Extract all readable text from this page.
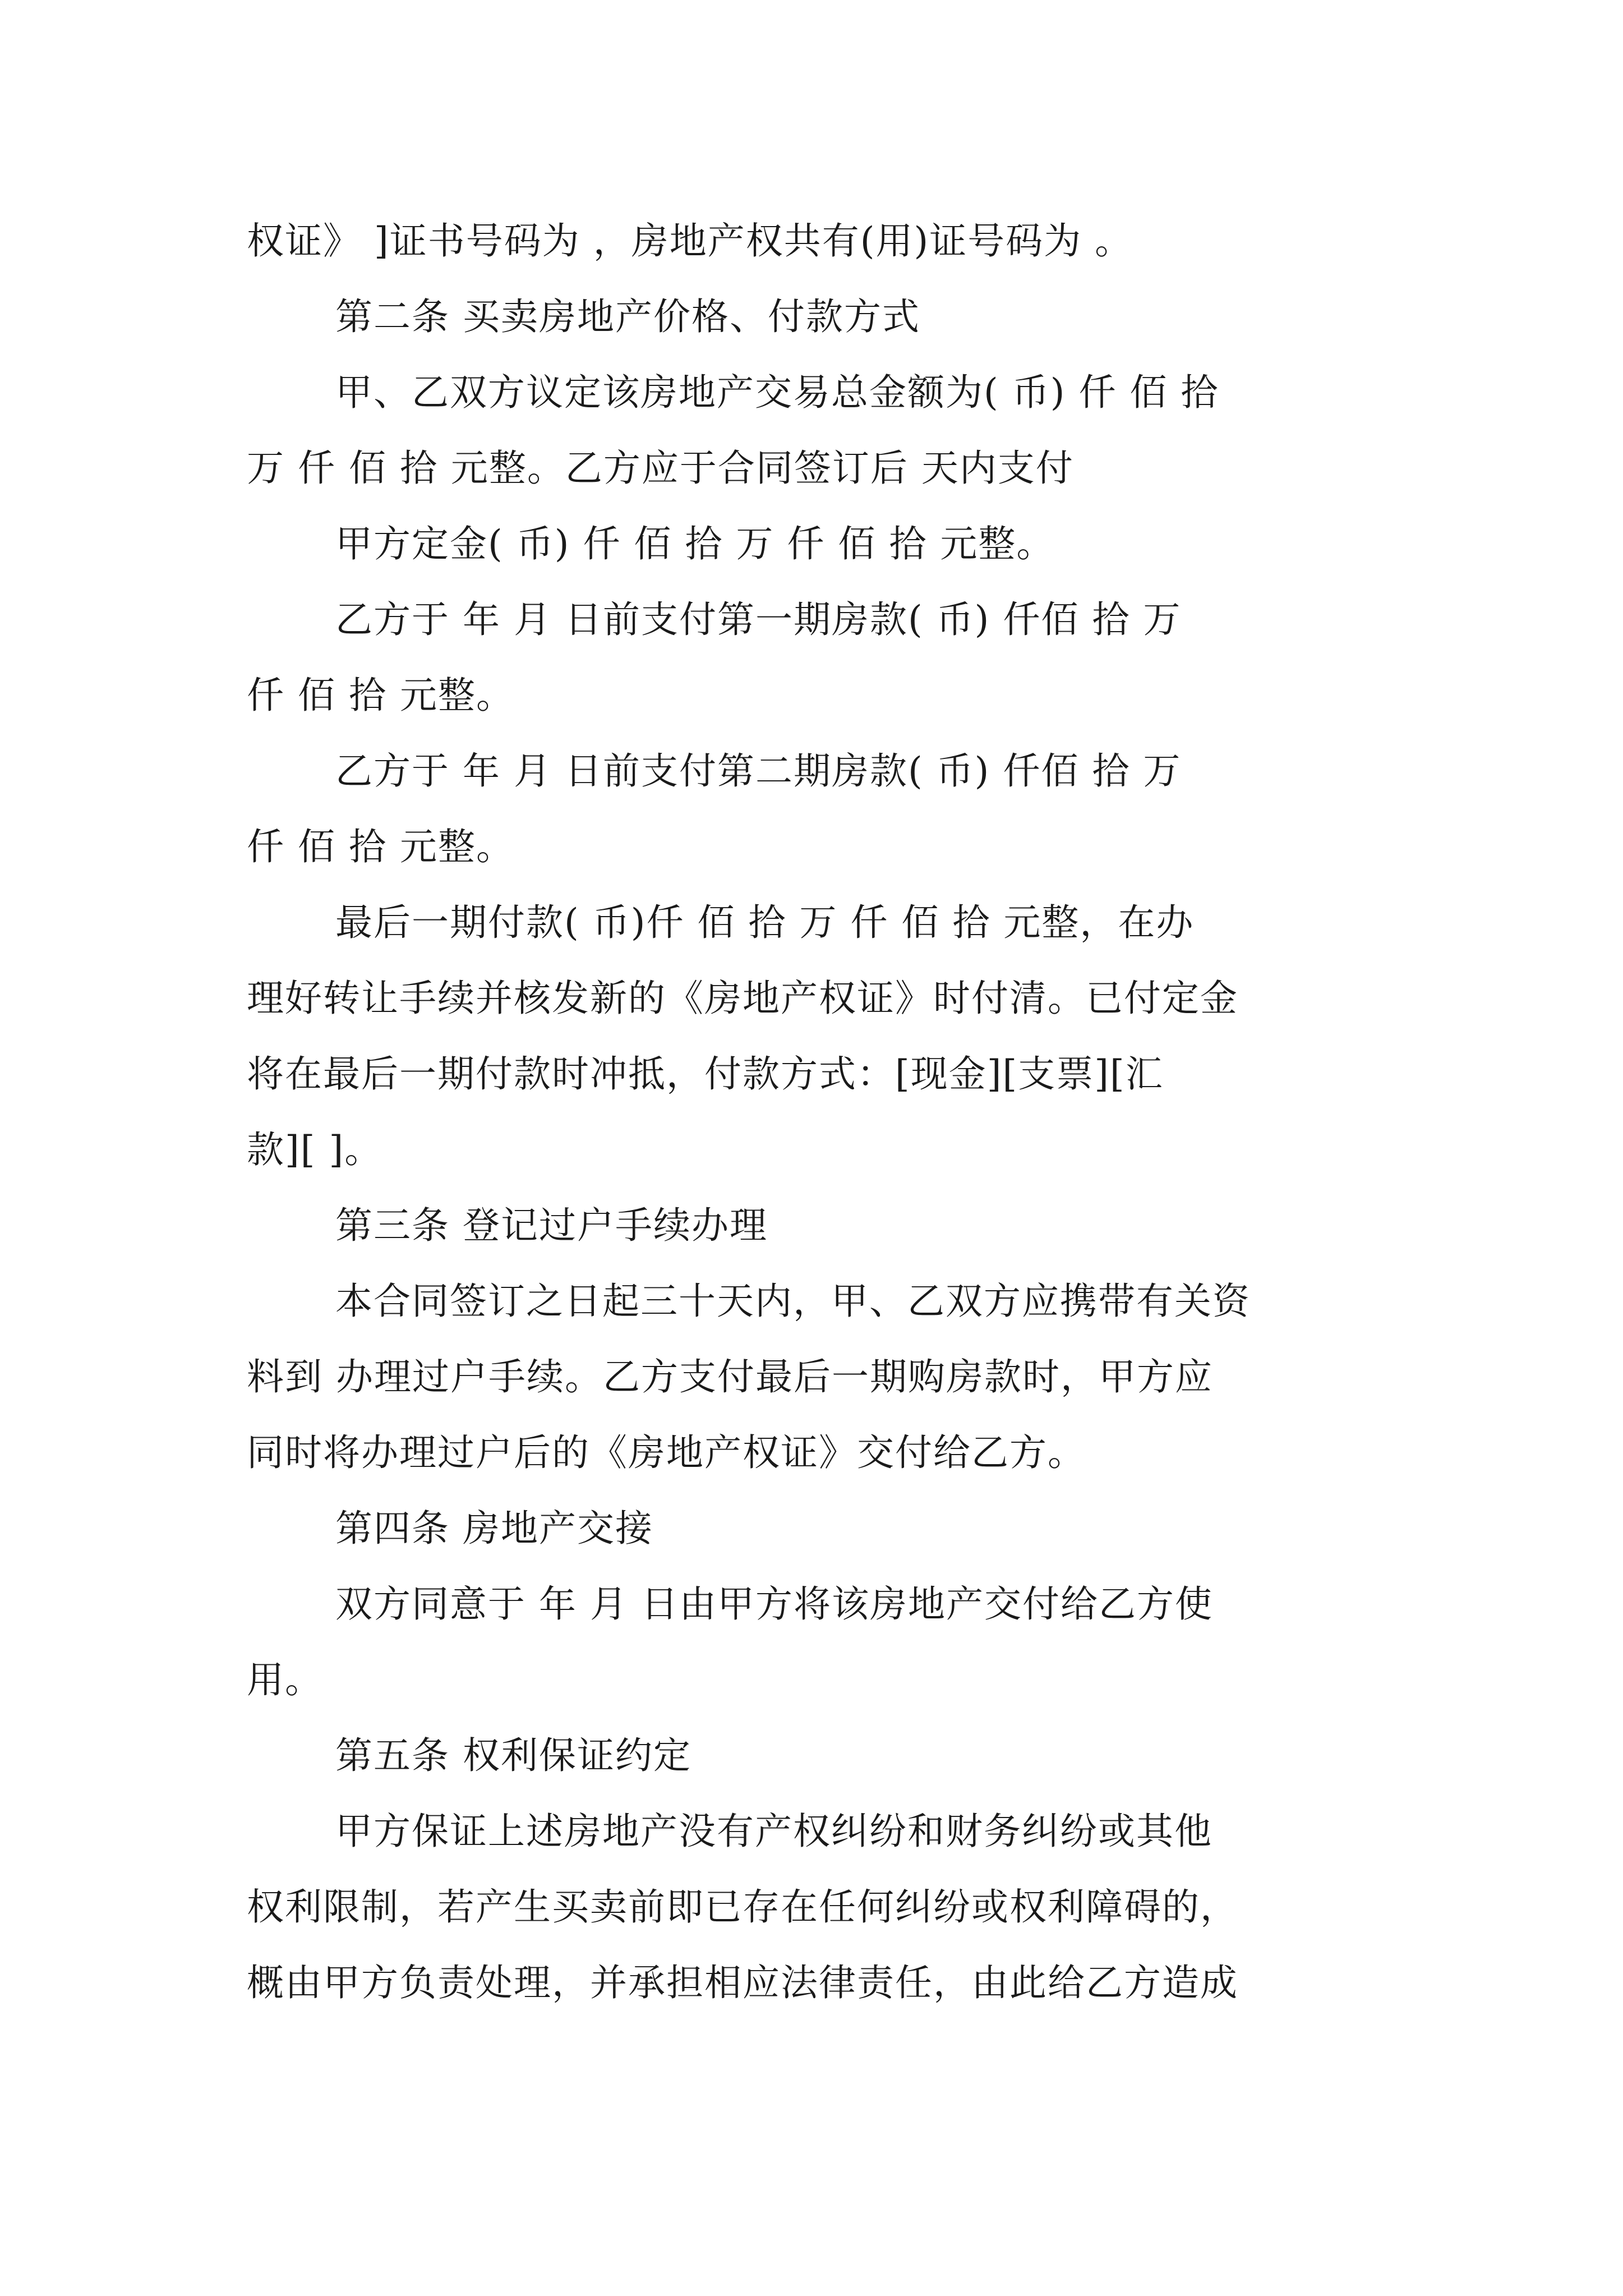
权证》 ]证书号码为 ，房地产权共有(用)证号码为 。
第二条 买卖房地产价格、付款方式
甲、乙双方议定该房地产交易总金额为( 币) 仟 佰 拾
万 仟 佰 拾 元整。乙方应于合同签订后 天内支付
甲方定金( 币) 仟 佰 拾 万 仟 佰 拾 元整。
乙方于 年 月 日前支付第一期房款( 币) 仟佰 拾 万
仟 佰 拾 元整。
乙方于 年 月 日前支付第二期房款( 币) 仟佰 拾 万
仟 佰 拾 元整。
最后一期付款( 币)仟 佰 拾 万 仟 佰 拾 元整，在办
理好转让手续并核发新的《房地产权证》时付清。已付定金
将在最后一期付款时冲抵，付款方式：[现金][支票][汇
款][ ]。
第三条 登记过户手续办理
本合同签订之日起三十天内，甲、乙双方应携带有关资
料到 办理过户手续。乙方支付最后一期购房款时，甲方应
同时将办理过户后的《房地产权证》交付给乙方。
第四条 房地产交接
双方同意于 年 月 日由甲方将该房地产交付给乙方使
用。
第五条 权利保证约定
甲方保证上述房地产没有产权纠纷和财务纠纷或其他
权利限制，若产生买卖前即已存在任何纠纷或权利障碍的，
概由甲方负责处理，并承担相应法律责任，由此给乙方造成
